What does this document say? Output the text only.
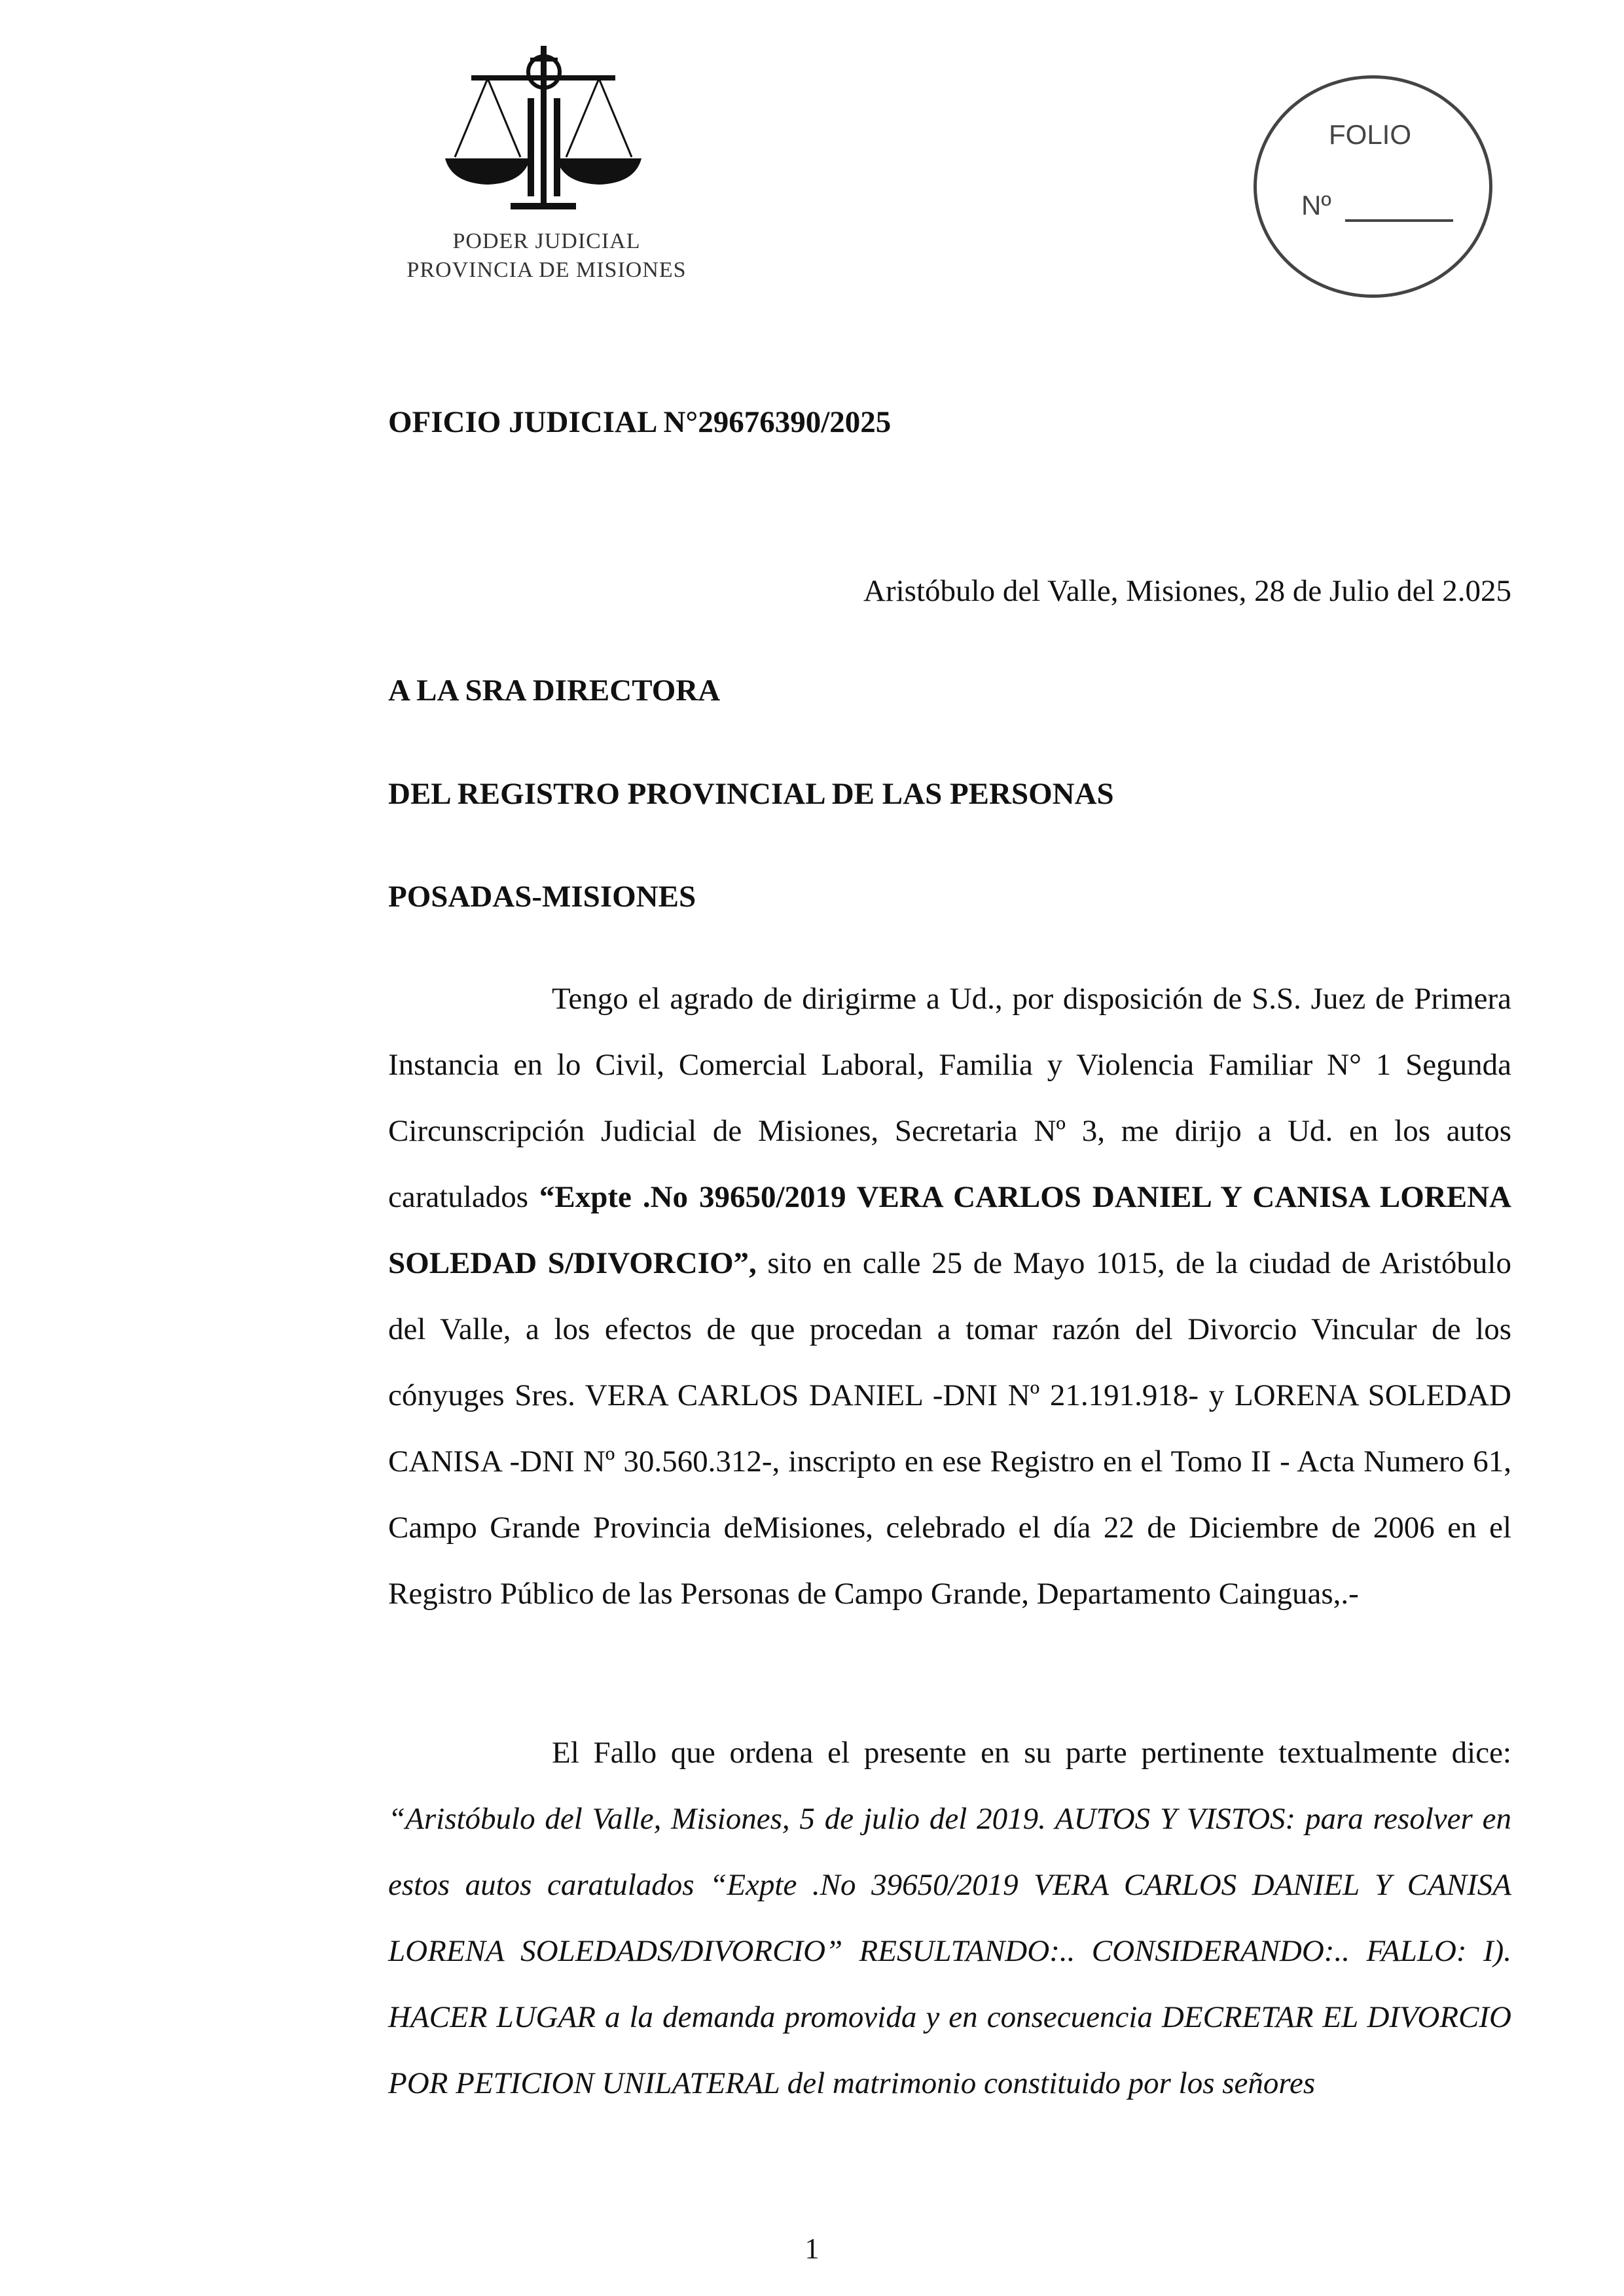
PODER JUDICIAL
PROVINCIA DE MISIONES
FOLIO
Nº
OFICIO JUDICIAL N°29676390/2025
Aristóbulo del Valle, Misiones, 28 de Julio del 2.025
A LA SRA DIRECTORA
DEL REGISTRO PROVINCIAL DE LAS PERSONAS
POSADAS-MISIONES
Tengo el agrado de dirigirme a Ud., por disposición de S.S. Juez de Primera Instancia en lo Civil, Comercial Laboral, Familia y Violencia Familiar N° 1 Segunda Circunscripción Judicial de Misiones, Secretaria Nº 3, me dirijo a Ud. en los autos caratulados “Expte .No 39650/2019 VERA CARLOS DANIEL Y CANISA LORENA SOLEDAD S/DIVORCIO”, sito en calle 25 de Mayo 1015, de la ciudad de Aristóbulo del Valle, a los efectos de que procedan a tomar razón del Divorcio Vincular de los cónyuges Sres. VERA CARLOS DANIEL -DNI Nº 21.191.918- y LORENA SOLEDAD CANISA -DNI Nº 30.560.312-, inscripto en ese Registro en el Tomo II - Acta Numero 61, Campo Grande Provincia deMisiones, celebrado el día 22 de Diciembre de 2006 en el Registro Público de las Personas de Campo Grande, Departamento Cainguas,.-
El Fallo que ordena el presente en su parte pertinente textualmente dice: “Aristóbulo del Valle, Misiones, 5 de julio del 2019. AUTOS Y VISTOS: para resolver en estos autos caratulados “Expte .No 39650/2019 VERA CARLOS DANIEL Y CANISA LORENA SOLEDADS/DIVORCIO” RESULTANDO:.. CONSIDERANDO:.. FALLO: I). HACER LUGAR a la demanda promovida y en consecuencia DECRETAR EL DIVORCIO POR PETICION UNILATERAL del matrimonio constituido por los señores
1
